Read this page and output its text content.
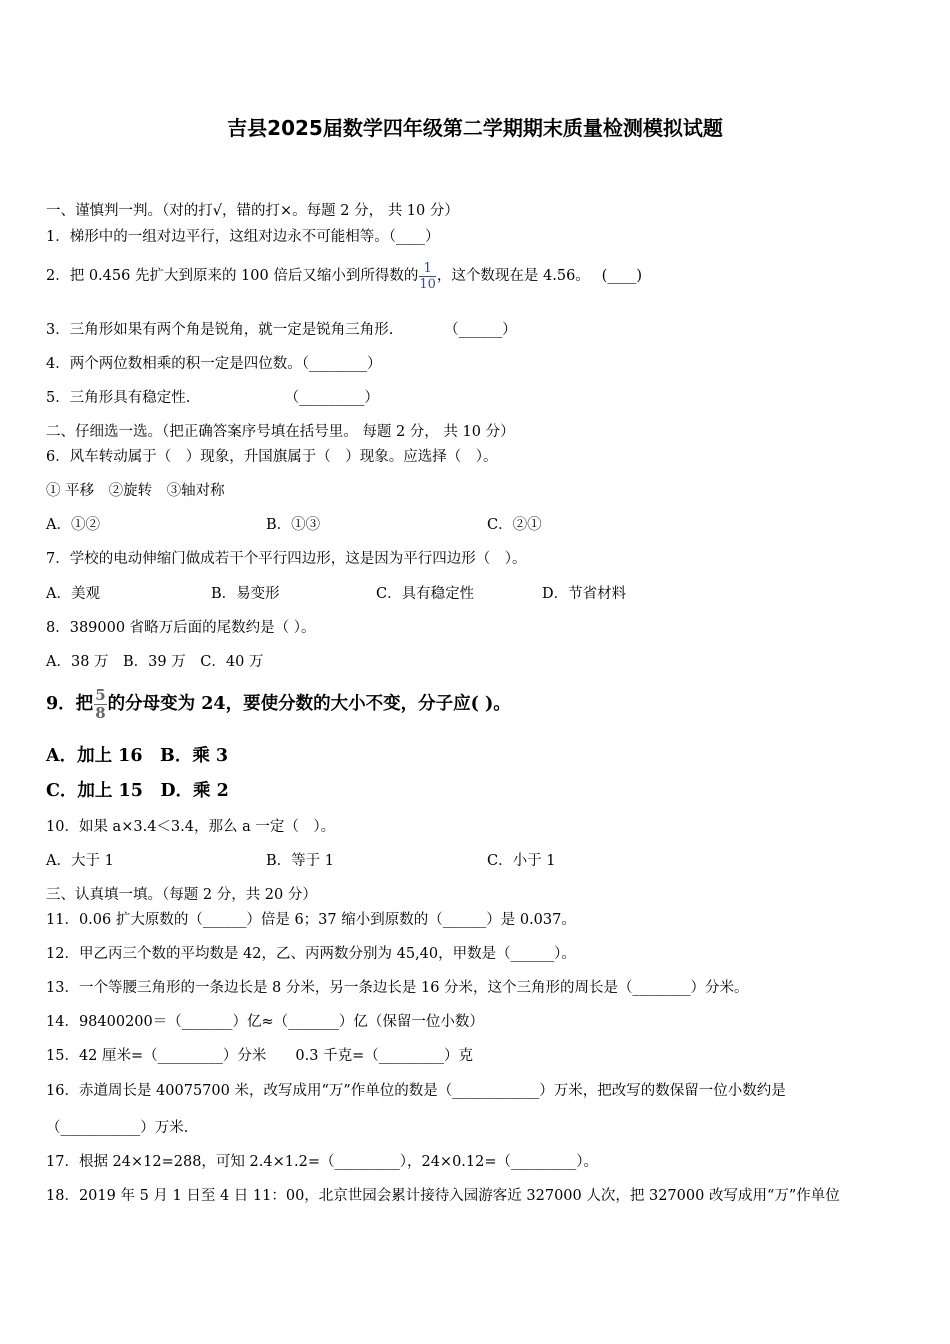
吉县2025届数学四年级第二学期期末质量检测模拟试题
一、谨慎判一判。（对的打√，错的打×。每题 2 分， 共 10 分）
1．梯形中的一组对边平行，这组对边永不可能相等。（____）
2．把 0.456 先扩大到原来的 100 倍后又缩小到所得数的 $\frac{1}{10}$ ，这个数现在是 4.56。　 (____)
3．三角形如果有两个角是锐角，就一定是锐角三角形.　　　　（______）
4．两个两位数相乘的积一定是四位数。（________）
5．三角形具有稳定性.　　　　　　　（_________）
二、仔细选一选。（把正确答案序号填在括号里。 每题 2 分， 共 10 分）
6．风车转动属于（　）现象，升国旗属于（　）现象。应选择（　）。
① 平移　②旋转　③轴对称
A．①②	B．①③	C．②①
7．学校的电动伸缩门做成若干个平行四边形，这是因为平行四边形（　）。
A．美观	B．易变形	C．具有稳定性	D．节省材料
8．389000 省略万后面的尾数约是（ ）。
A．38 万　B．39 万　C．40 万
9．把 $\frac{5}{8}$ 的分母变为 24，要使分数的大小不变，分子应( )。
A．加上 16　B．乘 3
C．加上 15　D．乘 2
10．如果 a×3.4＜3.4，那么 a 一定（　）。
A．大于 1	B．等于 1	C．小于 1
三、认真填一填。（每题 2 分，共 20 分）
11．0.06 扩大原数的（______）倍是 6；37 缩小到原数的（______）是 0.037。
12．甲乙丙三个数的平均数是 42，乙、丙两数分别为 45,40，甲数是（______）。
13．一个等腰三角形的一条边长是 8 分米，另一条边长是 16 分米，这个三角形的周长是（________）分米。
14．98400200＝（_______）亿≈（_______）亿（保留一位小数）
15．42 厘米=（_________）分米　　0.3 千克=（_________）克
16．赤道周长是 40075700 米，改写成用“万”作单位的数是（____________）万米，把改写的数保留一位小数约是
（___________）万米.
17．根据 24×12=288，可知 2.4×1.2=（_________），24×0.12=（_________）。
18．2019 年 5 月 1 日至 4 日 11：00，北京世园会累计接待入园游客近 327000 人次，把 327000 改写成用“万”作单位
